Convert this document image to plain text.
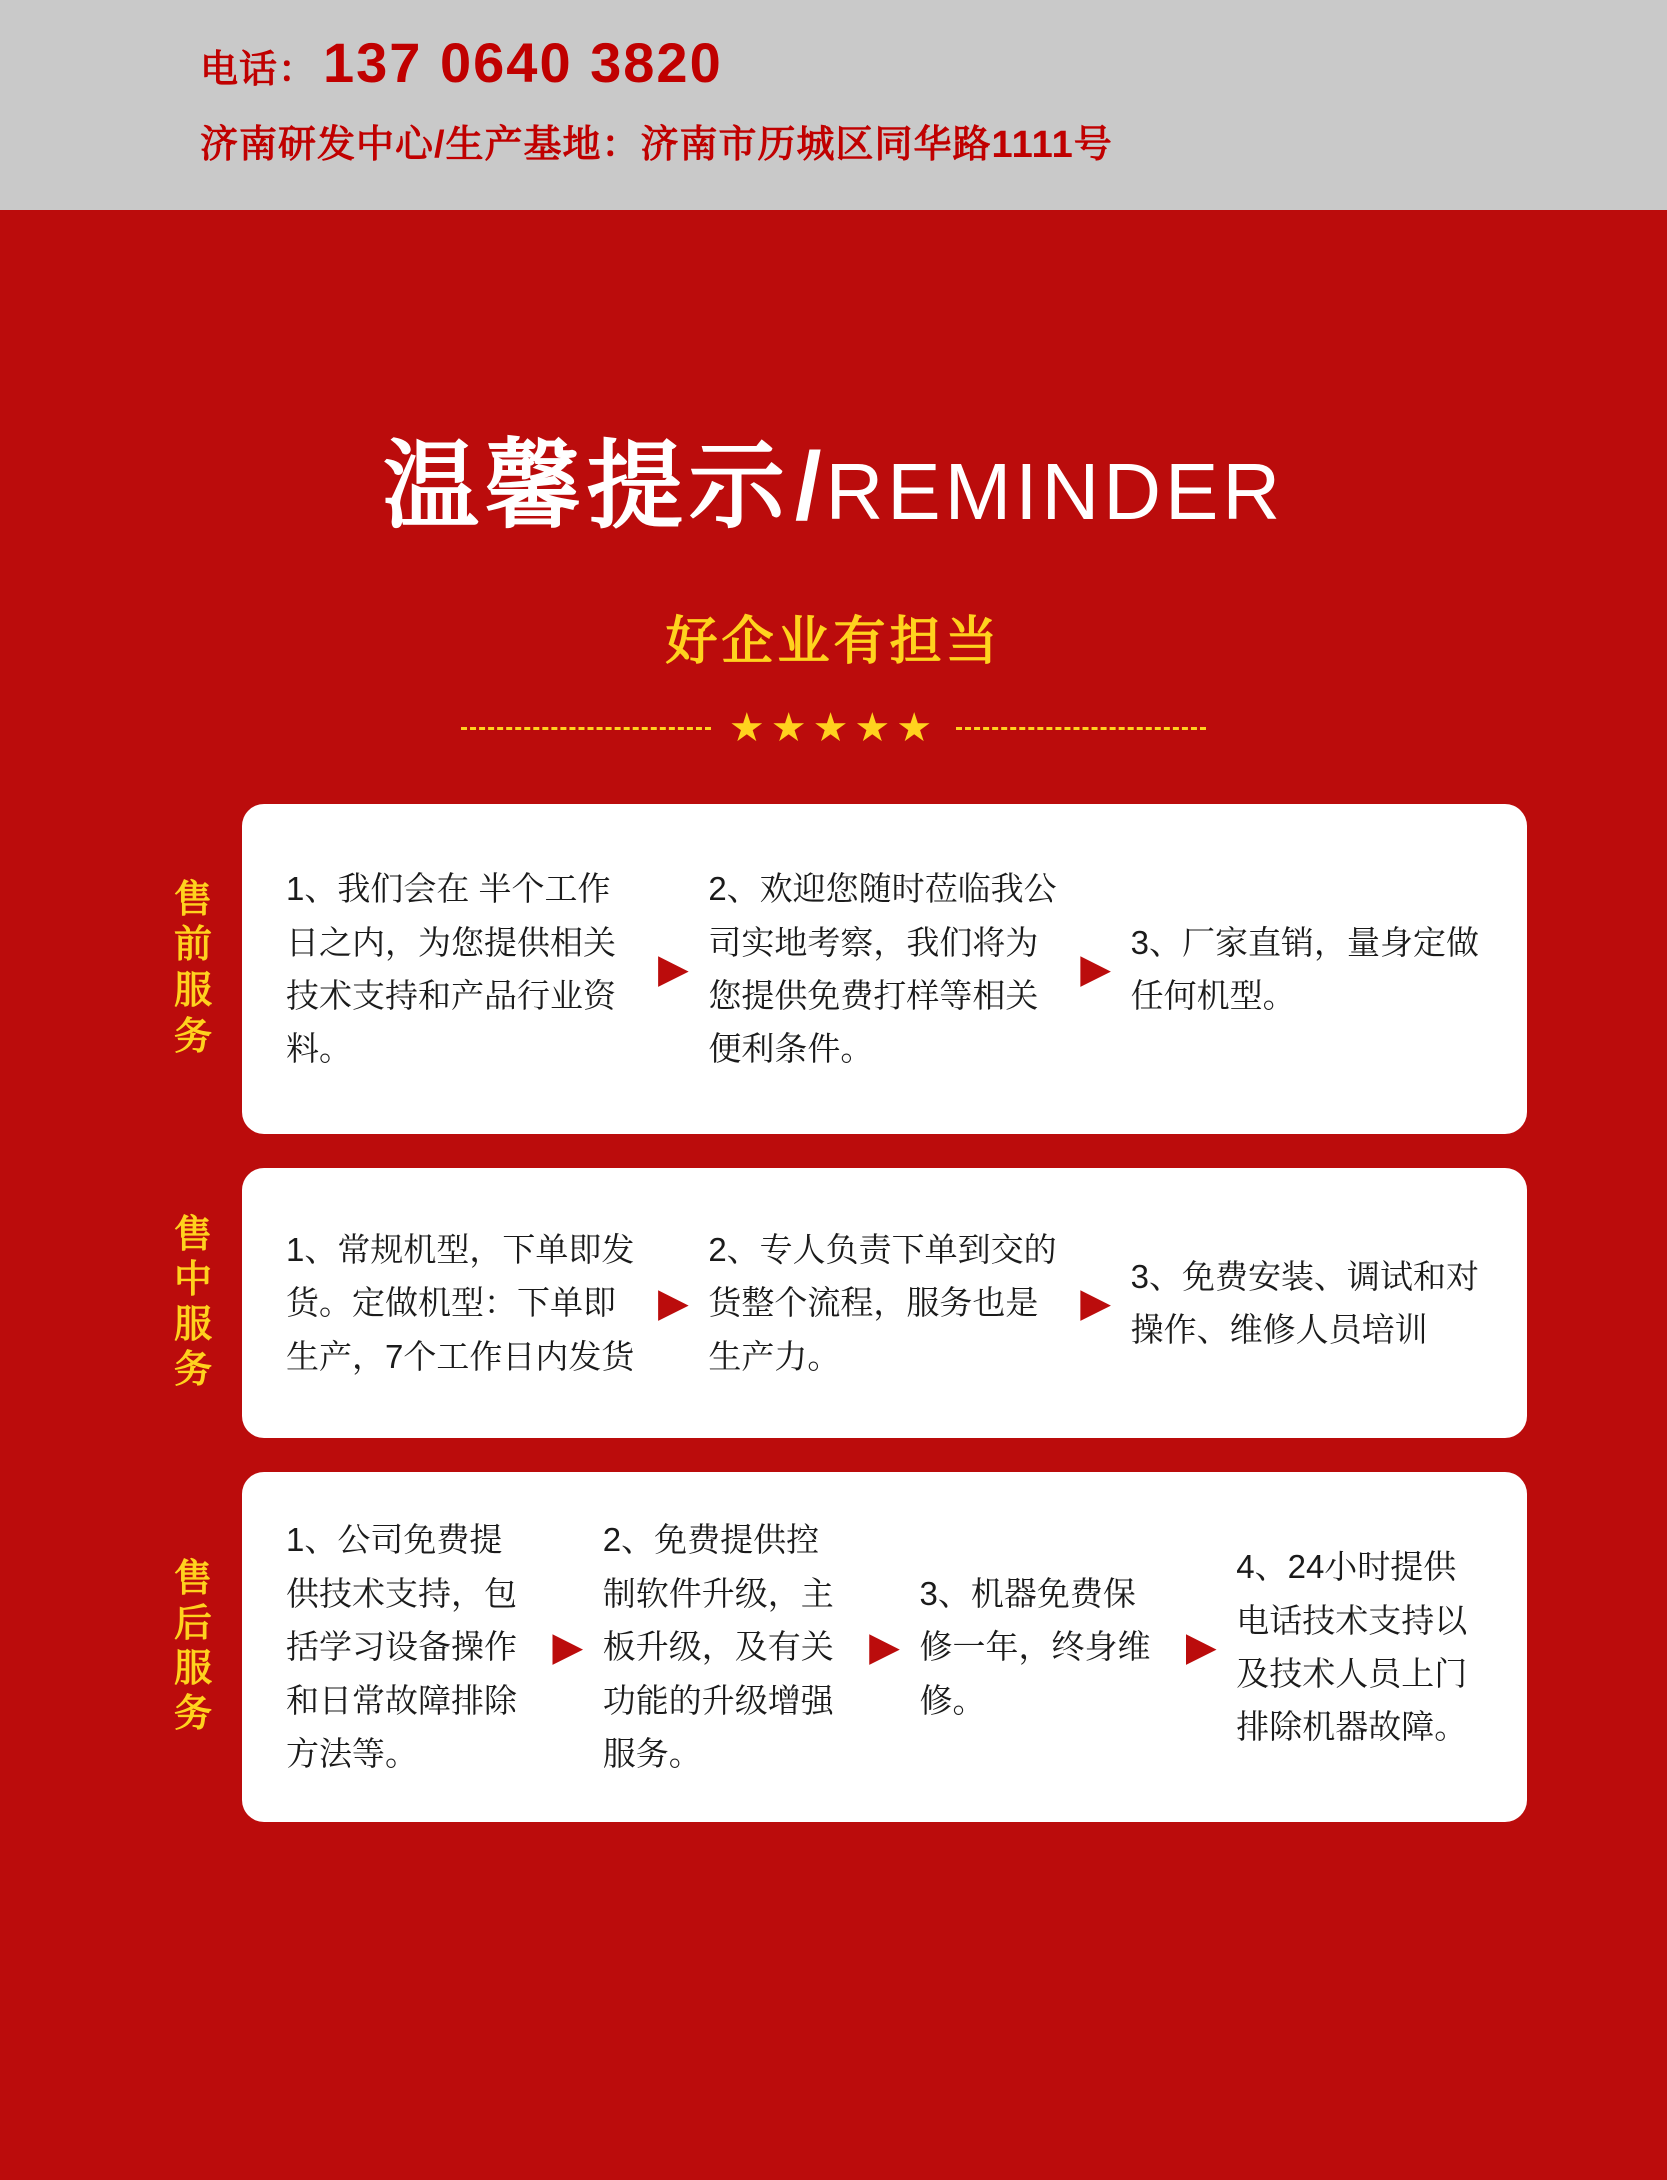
电话： 137 0640 3820
济南研发中心/生产基地：济南市历城区同华路1111号
温馨提示 / REMINDER
好企业有担当
★★★★★
售前服务
1、我们会在 半个工作日之内，为您提供相关技术支持和产品行业资料。
▶
2、欢迎您随时莅临我公司实地考察，我们将为您提供免费打样等相关便利条件。
▶
3、厂家直销，量身定做任何机型。
售中服务
1、常规机型，下单即发货。定做机型：下单即生产，7个工作日内发货
▶
2、专人负责下单到交的货整个流程，服务也是生产力。
▶
3、免费安装、调试和对操作、维修人员培训
售后服务
1、公司免费提供技术支持，包括学习设备操作和日常故障排除方法等。
▶
2、免费提供控制软件升级，主板升级，及有关功能的升级增强服务。
▶
3、机器免费保修一年，终身维修。
▶
4、24小时提供电话技术支持以及技术人员上门排除机器故障。
